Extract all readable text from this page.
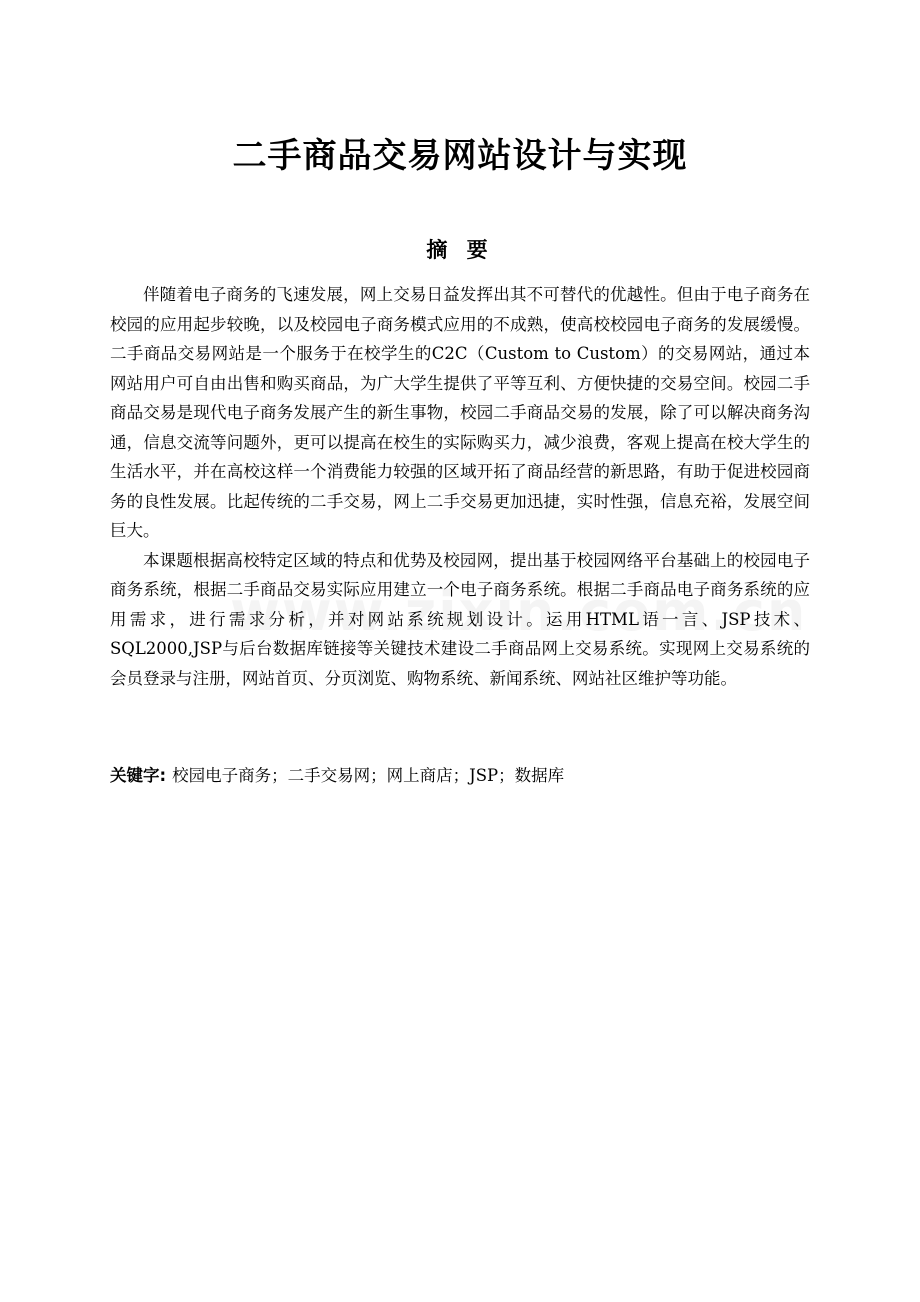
二手商品交易网站设计与实现
摘 要

伴随着电子商务的飞速发展，网上交易日益发挥出其不可替代的优越性。但由于电子商务在校园的应用起步较晚，以及校园电子商务模式应用的不成熟，使高校校园电子商务的发展缓慢。二手商品交易网站是一个服务于在校学生的C2C（Custom to Custom）的交易网站，通过本网站用户可自由出售和购买商品，为广大学生提供了平等互利、方便快捷的交易空间。校园二手商品交易是现代电子商务发展产生的新生事物，校园二手商品交易的发展，除了可以解决商务沟通，信息交流等问题外，更可以提高在校生的实际购买力，减少浪费，客观上提高在校大学生的生活水平，并在高校这样一个消费能力较强的区域开拓了商品经营的新思路，有助于促进校园商务的良性发展。比起传统的二手交易，网上二手交易更加迅捷，实时性强，信息充裕，发展空间巨大。

本课题根据高校特定区域的特点和优势及校园网，提出基于校园网络平台基础上的校园电子商务系统，根据二手商品交易实际应用建立一个电子商务系统。根据二手商品电子商务系统的应用需求，进行需求分析，并对网站系统规划设计。运用HTML语一言、JSP技术、SQL2000,JSP与后台数据库链接等关键技术建设二手商品网上交易系统。实现网上交易系统的会员登录与注册，网站首页、分页浏览、购物系统、新闻系统、网站社区维护等功能。

关键字: 校园电子商务；二手交易网；网上商店；JSP；数据库
